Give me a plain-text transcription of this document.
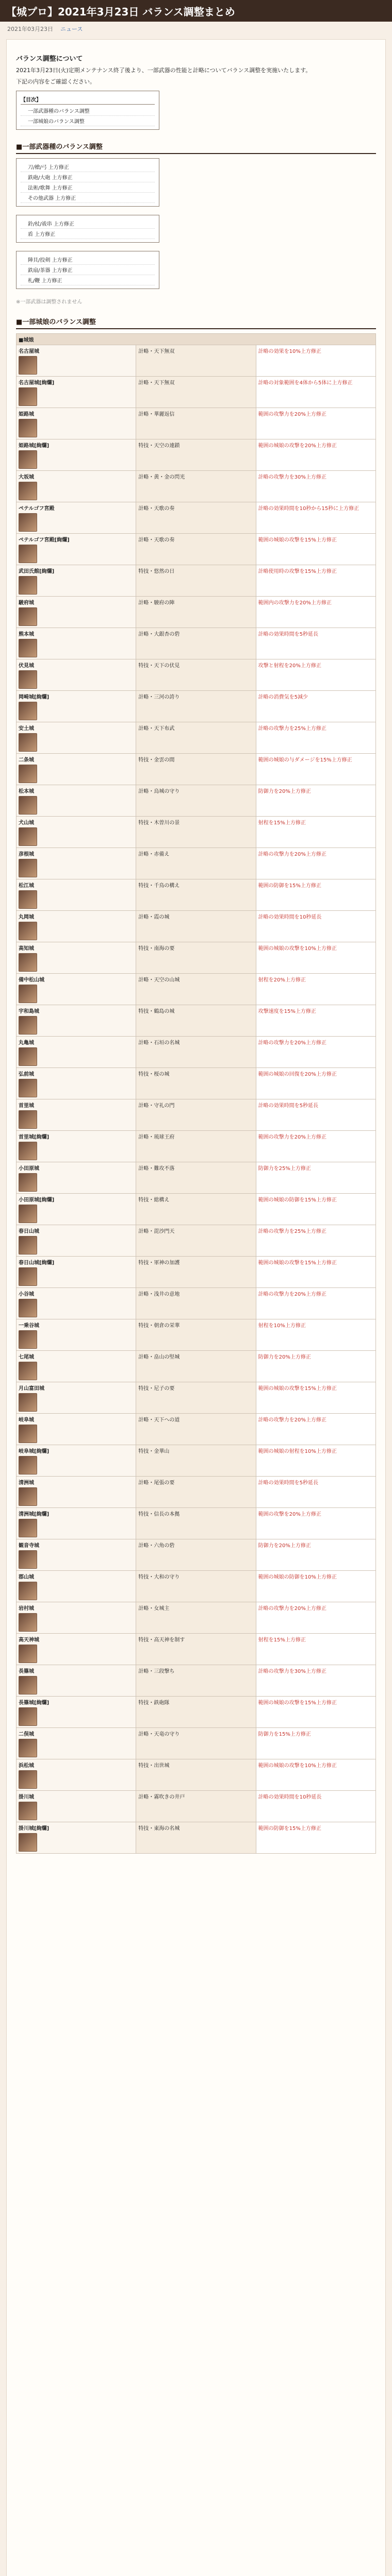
【城プロ】2021年3月23日 バランス調整まとめ
2021年03月23日 ニュース
バランス調整について

2021年3月23日(火)定期メンテナンス終了後より、一部武器の性能と計略についてバランス調整を実施いたします。

下記の内容をご確認ください。

【目次】
一部武器種のバランス調整
一部城娘のバランス調整
■一部武器種のバランス調整
刀/槍/弓 上方修正
鉄砲/大砲 上方修正
法術/歌舞 上方修正
その他武器 上方修正
鈴/杖/祓串 上方修正
盾 上方修正
陣貝/投剣 上方修正
鉄扇/茶器 上方修正
札/鞭 上方修正
※一部武器は調整されません
■一部城娘のバランス調整
■城娘		

名古屋城	計略・天下無双	計略の効果を10%上方修正

名古屋城[絢爛]	計略・天下無双	計略の対象範囲を4体から5体に上方修正

姫路城	計略・華麗返信	範囲の攻撃力を20%上方修正

姫路城[絢爛]	特技・天空の連鎖	範囲の城娘の攻撃を20%上方修正

大坂城	計略・黄・金の閃光	計略の攻撃力を30%上方修正

ペテルゴフ宮殿	計略・天歌の奏	計略の効果時間を10秒から15秒に上方修正

ペテルゴフ宮殿[絢爛]	計略・天歌の奏	範囲の城娘の攻撃を15%上方修正

武田氏館[絢爛]	特技・悠然の日	計略使用時の攻撃を15%上方修正

駿府城	計略・駿府の陣	範囲内の攻撃力を20%上方修正

熊本城	計略・大銀杏の砦	計略の効果時間を5秒延長

伏見城	特技・天下の伏見	攻撃と射程を20%上方修正

岡崎城[絢爛]	計略・三河の誇り	計略の消費気を5減少

安土城	計略・天下布武	計略の攻撃力を25%上方修正

二条城	特技・金雲の間	範囲の城娘の与ダメージを15%上方修正

松本城	計略・烏城の守り	防御力を20%上方修正

犬山城	特技・木曽川の景	射程を15%上方修正

彦根城	計略・赤備え	計略の攻撃力を20%上方修正

松江城	特技・千鳥の構え	範囲の防御を15%上方修正

丸岡城	計略・霞の城	計略の効果時間を10秒延長

高知城	特技・南海の要	範囲の城娘の攻撃を10%上方修正

備中松山城	計略・天空の山城	射程を20%上方修正

宇和島城	特技・鶴島の城	攻撃速度を15%上方修正

丸亀城	計略・石垣の名城	計略の攻撃力を20%上方修正

弘前城	特技・桜の城	範囲の城娘の回復を20%上方修正

首里城	計略・守礼の門	計略の効果時間を5秒延長

首里城[絢爛]	計略・琉球王府	範囲の攻撃力を20%上方修正

小田原城	計略・難攻不落	防御力を25%上方修正

小田原城[絢爛]	特技・総構え	範囲の城娘の防御を15%上方修正

春日山城	計略・毘沙門天	計略の攻撃力を25%上方修正

春日山城[絢爛]	特技・軍神の加護	範囲の城娘の攻撃を15%上方修正

小谷城	計略・浅井の意地	計略の攻撃力を20%上方修正

一乗谷城	特技・朝倉の栄華	射程を10%上方修正

七尾城	計略・畠山の堅城	防御力を20%上方修正

月山富田城	特技・尼子の要	範囲の城娘の攻撃を15%上方修正

岐阜城	計略・天下への道	計略の攻撃力を20%上方修正

岐阜城[絢爛]	特技・金華山	範囲の城娘の射程を10%上方修正

清洲城	計略・尾張の要	計略の効果時間を5秒延長

清洲城[絢爛]	特技・信長の本拠	範囲の攻撃を20%上方修正

観音寺城	計略・六角の砦	防御力を20%上方修正

郡山城	特技・大和の守り	範囲の城娘の防御を10%上方修正

岩村城	計略・女城主	計略の攻撃力を20%上方修正

高天神城	特技・高天神を制す	射程を15%上方修正

長篠城	計略・三段撃ち	計略の攻撃力を30%上方修正

長篠城[絢爛]	特技・鉄砲隊	範囲の城娘の攻撃を15%上方修正

二俣城	計略・天竜の守り	防御力を15%上方修正

浜松城	特技・出世城	範囲の城娘の攻撃を10%上方修正

掛川城	計略・霧吹きの井戸	計略の効果時間を10秒延長

掛川城[絢爛]	特技・東海の名城	範囲の防御を15%上方修正
